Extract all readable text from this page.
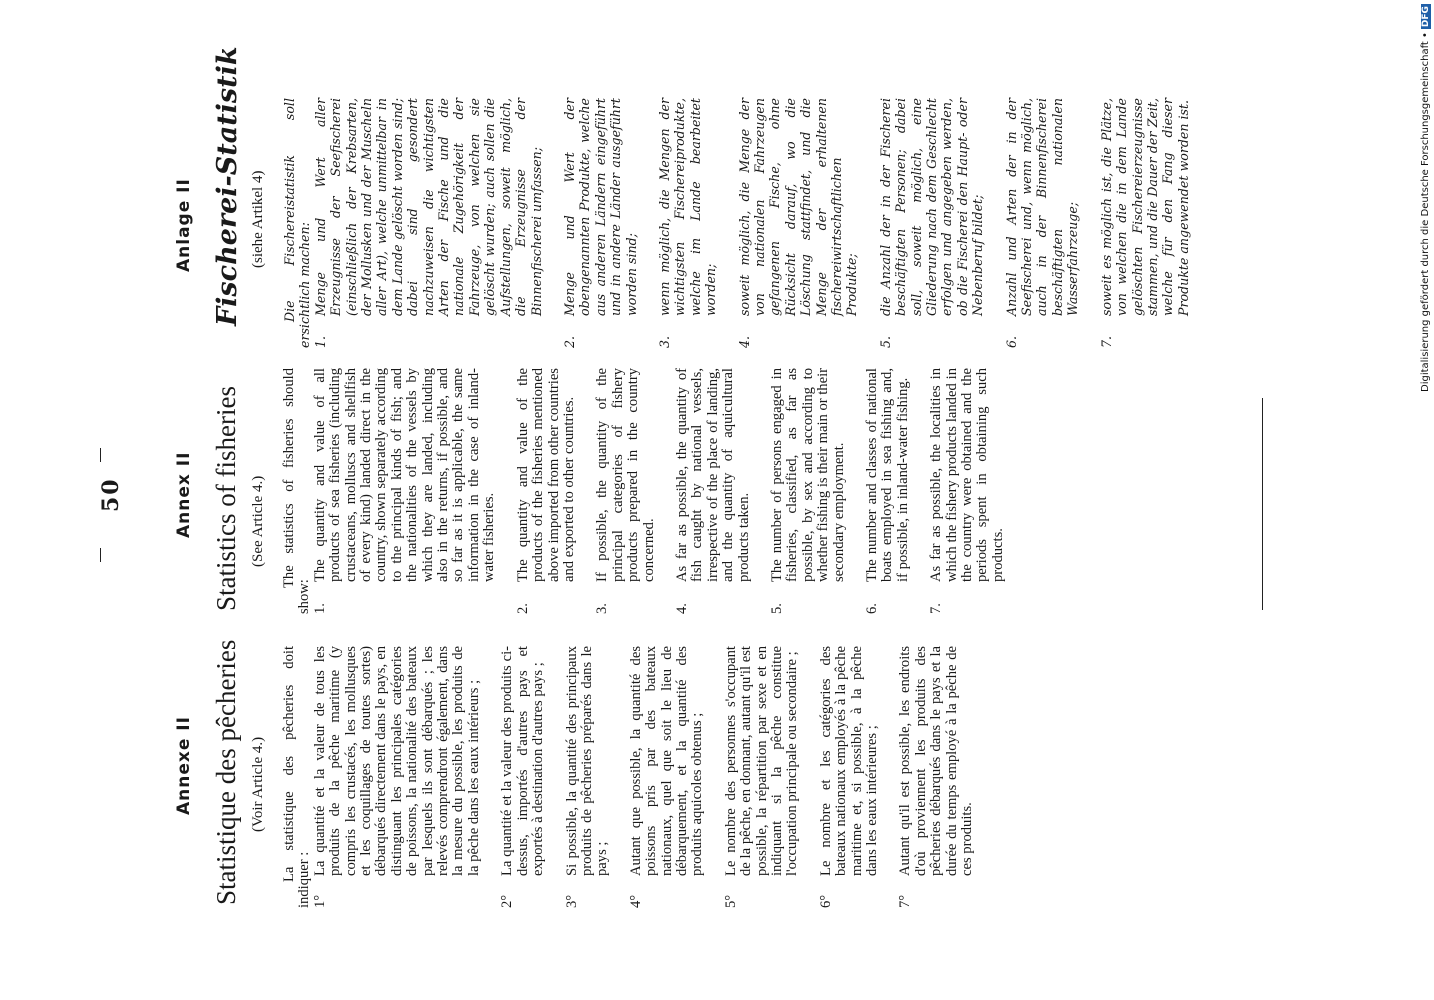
50
Annexe II Statistique des pêcheries (Voir Article 4.)
Annex II Statistics of fisheries (See Article 4.)
Anlage II Fischerei-Statistik (siehe Artikel 4)

La statistique des pêcheries doit indiquer : 1°
La quantité et la valeur de tous les produits de la pêche maritime (y compris les crustacés, les mollusques et les coquillages de toutes sortes) débarqués directement dans le pays, en distinguant les principales catégories de poissons, la nationalité des bateaux par lesquels ils sont débarqués ; les relevés comprendront également, dans la mesure du possible, les produits de la pêche dans les eaux intérieurs ;
2°
La quantité et la valeur des produits ci-dessus, importés d'autres pays et exportés à destination d'autres pays ;
3°
Si possible, la quantité des principaux produits de pêcheries préparés dans le pays ;
4°
Autant que possible, la quantité des poissons pris par des bateaux nationaux, quel que soit le lieu de débarquement, et la quantité des produits aquicoles obtenus ;
5°
Le nombre des personnes s'occupant de la pêche, en donnant, autant qu'il est possible, la répartition par sexe et en indiquant si la pêche constitue l'occupation principale ou secondaire ;
6°
Le nombre et les catégories des bateaux nationaux employés à la pêche maritime et, si possible, à la pêche dans les eaux intérieures ;
7°
Autant qu'il est possible, les endroits d'où proviennent les produits des pêcheries débarqués dans le pays et la durée du temps employé à la pêche de ces produits.

The statistics of fisheries should show: 1.
The quantity and value of all products of sea fisheries (including crustaceans, molluscs and shellfish of every kind) landed direct in the country, shown separately according to the principal kinds of fish; and the nationalities of the vessels by which they are landed, including also in the returns, if possible, and so far as it is applicable, the same information in the case of inland-water fisheries.
2.
The quantity and value of the products of the fisheries mentioned above imported from other countries and exported to other countries.
3.
If possible, the quantity of the principal categories of fishery products prepared in the country concerned.
4.
As far as possible, the quantity of fish caught by national vessels, irrespective of the place of landing, and the quantity of aquicultural products taken.
5.
The number of persons engaged in fisheries, classified, as far as possible, by sex and according to whether fishing is their main or their secondary employment.
6.
The number and classes of national boats employed in sea fishing and, if possible, in inland-water fishing.
7.
As far as possible, the localities in which the fishery products landed in the country were obtained and the periods spent in obtaining such products.

Die Fischereistatistik soll ersichtlich machen: 1.
Menge und Wert aller Erzeugnisse der Seefischerei (einschließlich der Krebsarten, der Mollusken und der Muscheln aller Art), welche unmittelbar in dem Lande gelöscht worden sind; dabei sind gesondert nachzuweisen die wichtigsten Arten der Fische und die nationale Zugehörigkeit der Fahrzeuge, von welchen sie gelöscht wurden; auch sollen die Aufstellungen, soweit möglich, die Erzeugnisse der Binnenfischerei umfassen;
2.
Menge und Wert der obengenannten Produkte, welche aus anderen Ländern eingeführt und in andere Länder ausgeführt worden sind;
3.
wenn möglich, die Mengen der wichtigsten Fischereiprodukte, welche im Lande bearbeitet worden;
4.
soweit möglich, die Menge der von nationalen Fahrzeugen gefangenen Fische, ohne Rücksicht darauf, wo die Löschung stattfindet, und die Menge der erhaltenen fischereiwirtschaftlichen Produkte;
5.
die Anzahl der in der Fischerei beschäftigten Personen; dabei soll, soweit möglich, eine Gliederung nach dem Geschlecht erfolgen und angegeben werden, ob die Fischerei den Haupt- oder Nebenberuf bildet;
6.
Anzahl und Arten der in der Seefischerei und, wenn möglich, auch in der Binnenfischerei beschäftigten nationalen Wasserfahrzeuge;
7.
soweit es möglich ist, die Plätze, von welchen die in dem Lande gelöschten Fischereierzeugnisse stammen, und die Dauer der Zeit, welche für den Fang dieser Produkte angewendet worden ist.	Digitalisierung gefördert durch die Deutsche Forschungsgemeinschaft •DFG
